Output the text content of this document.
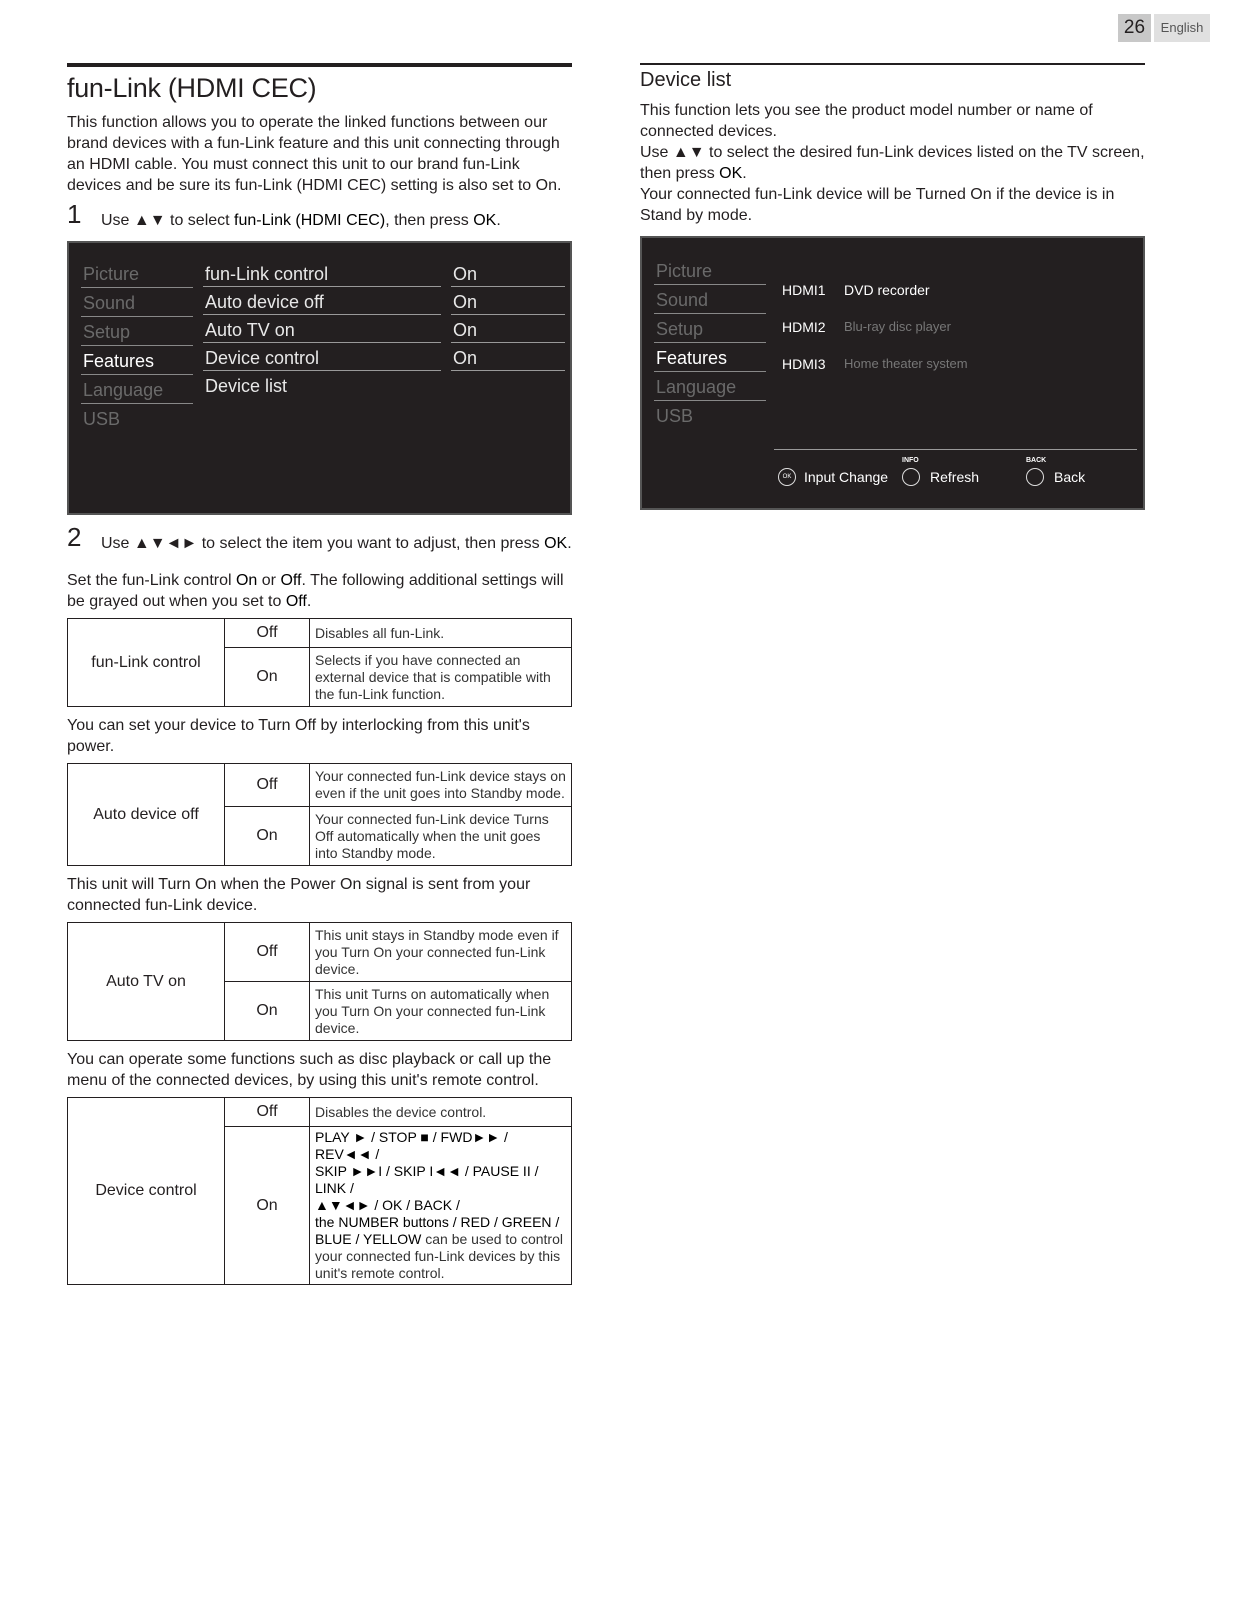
26	English
fun-Link (HDMI CEC)

This function allows you to operate the linked functions between our brand devices with a fun-Link feature and this unit connecting through an HDMI cable. You must connect this unit to our brand fun-Link devices and be sure its fun-Link (HDMI CEC) setting is also set to On.

1 Use ▲▼ to select fun-Link (HDMI CEC), then press OK.
Picture
Sound
Setup
Features
Language
USB
fun-Link control	On
Auto device off	On
Auto TV on	On
Device control	On
Device list
2 Use ▲▼◄► to select the item you want to adjust, then press OK.

Set the fun-Link control On or Off. The following additional settings will be grayed out when you set to Off.

fun-Link control	Off	Disables all fun-Link.
	On	Selects if you have connected an external device that is compatible with the fun-Link function.

You can set your device to Turn Off by interlocking from this unit's power.

Auto device off	Off	Your connected fun-Link device stays on even if the unit goes into Standby mode.
	On	Your connected fun-Link device Turns Off automatically when the unit goes into Standby mode.

This unit will Turn On when the Power On signal is sent from your connected fun-Link device.

Auto TV on	Off	This unit stays in Standby mode even if you Turn On your connected fun-Link device.
	On	This unit Turns on automatically when you Turn On your connected fun-Link device.

You can operate some functions such as disc playback or call up the menu of the connected devices, by using this unit's remote control.

Device control	Off	Disables the device control.
	On	PLAY ► / STOP ■ / FWD►► / REV◄◄ /
SKIP ►►I / SKIP I◄◄ / PAUSE II / LINK /
▲▼◄► / OK / BACK /
the NUMBER buttons / RED / GREEN /
BLUE / YELLOW can be used to control your connected fun-Link devices by this unit's remote control.
Device list

This function lets you see the product model number or name of connected devices.

Use ▲▼ to select the desired fun-Link devices listed on the TV screen, then press OK.

Your connected fun-Link device will be Turned On if the device is in Stand by mode.

Picture
Sound
Setup
Features
Language
USB
HDMI1	DVD recorder
HDMI2	Blu-ray disc player
HDMI3	Home theater system
OK Input Change
INFO
Refresh
BACK
Back
